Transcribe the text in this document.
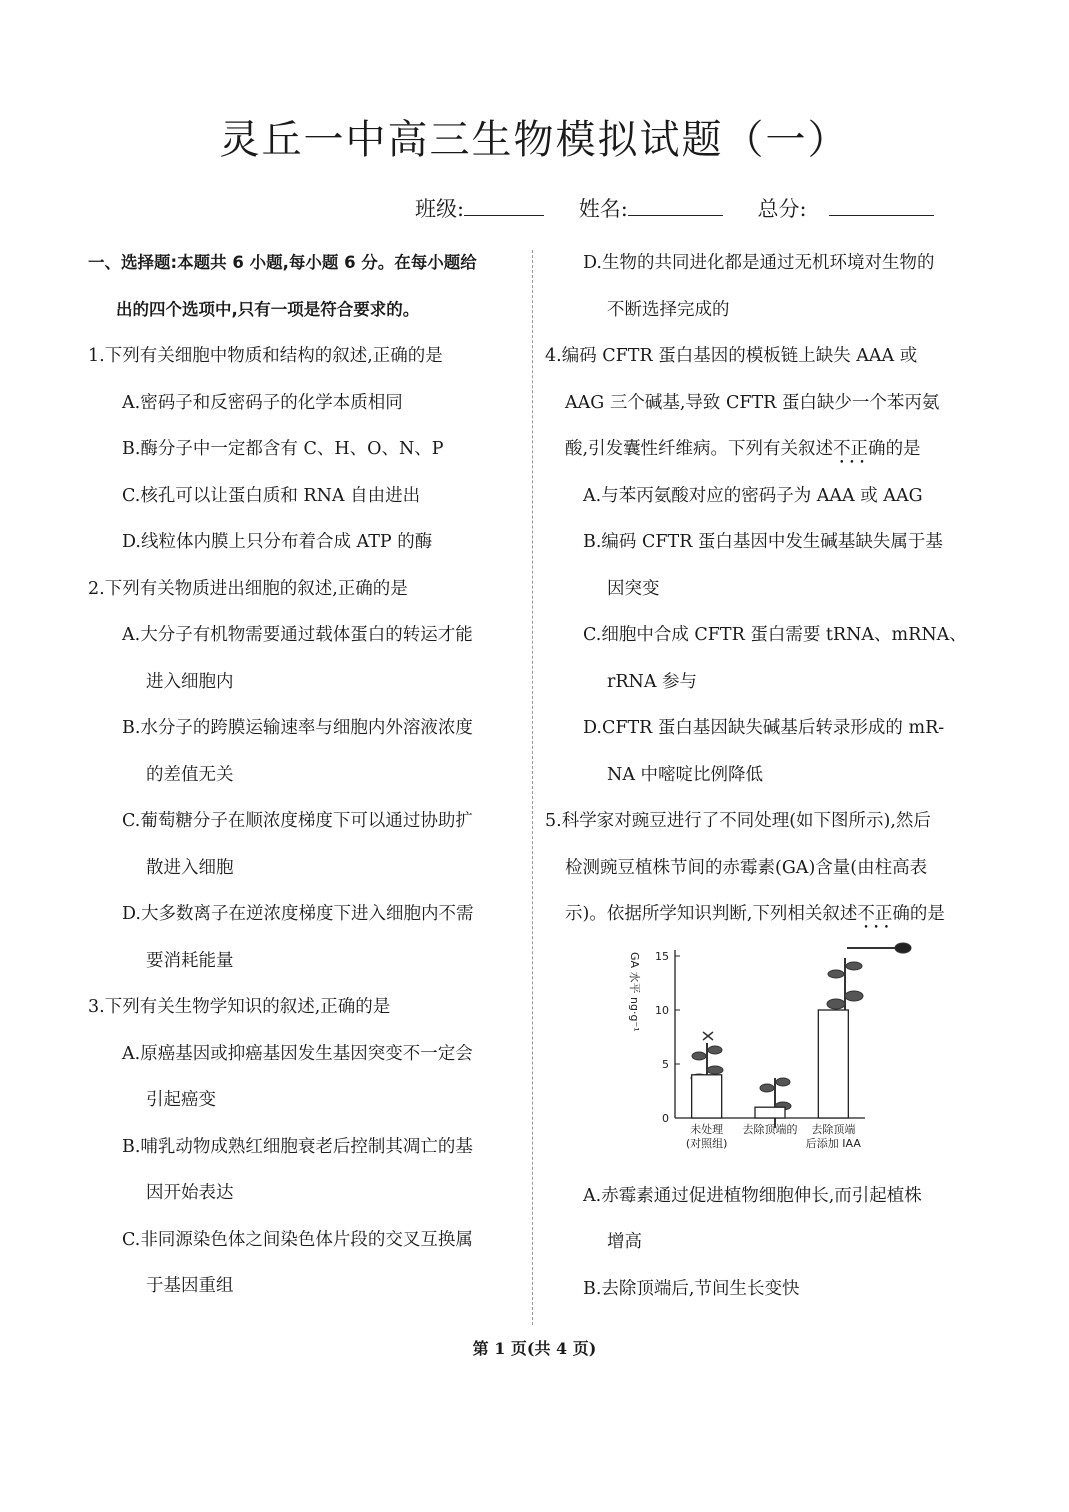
灵丘一中高三生物模拟试题（一）
班级:	姓名:	总分:
一、选择题:本题共 6 小题,每小题 6 分。在每小题给
出的四个选项中,只有一项是符合要求的。
1.下列有关细胞中物质和结构的叙述,正确的是
A.密码子和反密码子的化学本质相同
B.酶分子中一定都含有 C、H、O、N、P
C.核孔可以让蛋白质和 RNA 自由进出
D.线粒体内膜上只分布着合成 ATP 的酶
2.下列有关物质进出细胞的叙述,正确的是
A.大分子有机物需要通过载体蛋白的转运才能
进入细胞内
B.水分子的跨膜运输速率与细胞内外溶液浓度
的差值无关
C.葡萄糖分子在顺浓度梯度下可以通过协助扩
散进入细胞
D.大多数离子在逆浓度梯度下进入细胞内不需
要消耗能量
3.下列有关生物学知识的叙述,正确的是
A.原癌基因或抑癌基因发生基因突变不一定会
引起癌变
B.哺乳动物成熟红细胞衰老后控制其凋亡的基
因开始表达
C.非同源染色体之间染色体片段的交叉互换属
于基因重组
D.生物的共同进化都是通过无机环境对生物的
不断选择完成的
4.编码 CFTR 蛋白基因的模板链上缺失 AAA 或
AAG 三个碱基,导致 CFTR 蛋白缺少一个苯丙氨
酸,引发囊性纤维病。下列有关叙述不正确 • • •的是
A.与苯丙氨酸对应的密码子为 AAA 或 AAG
B.编码 CFTR 蛋白基因中发生碱基缺失属于基
因突变
C.细胞中合成 CFTR 蛋白需要 tRNA、mRNA、
rRNA 参与
D.CFTR 蛋白基因缺失碱基后转录形成的 mR-
NA 中嘧啶比例降低
5.科学家对豌豆进行了不同处理(如下图所示),然后
检测豌豆植株节间的赤霉素(GA)含量(由柱高表
示)。依据所学知识判断,下列相关叙述不正确 • • •的是
0
5
10
15
GA 水平 ng·g⁻¹
未处理
(对照组)
去除顶端的 去除顶端
后添加 IAA
A.赤霉素通过促进植物细胞伸长,而引起植株
增高
B.去除顶端后,节间生长变快
第 1 页(共 4 页)
